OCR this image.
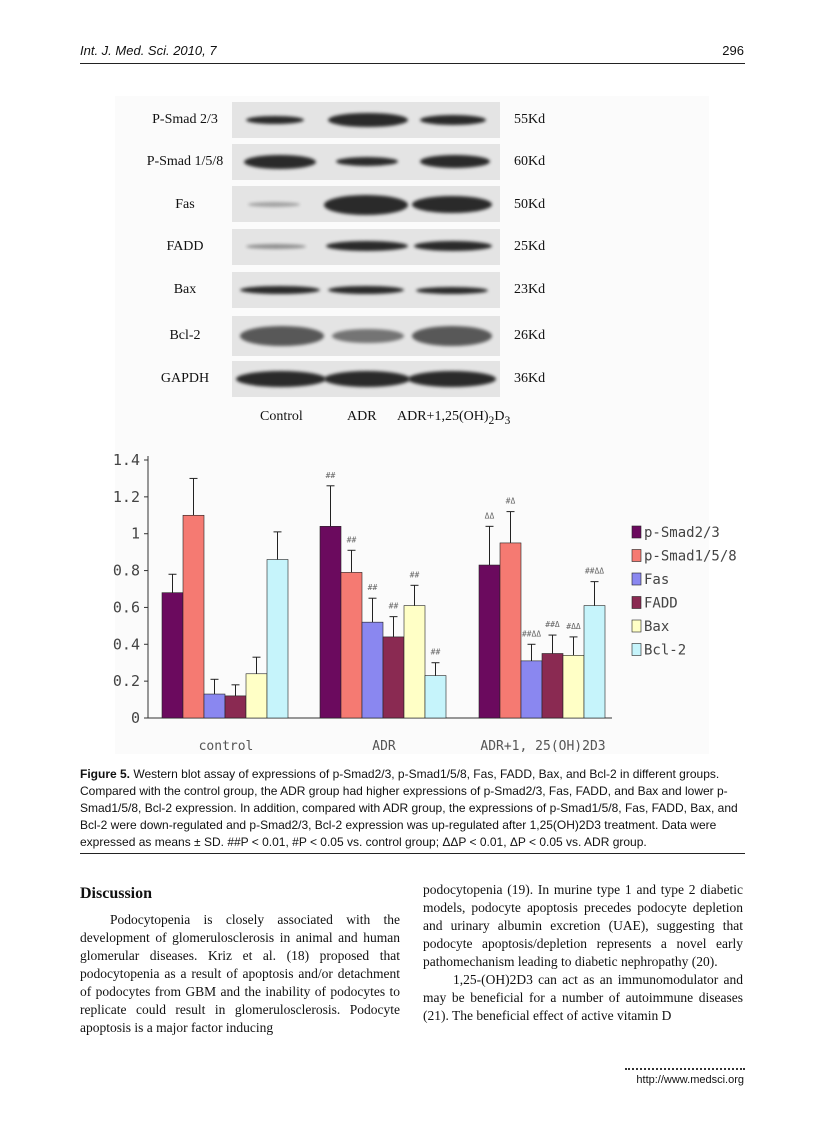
Int. J. Med. Sci. 2010, 7	296
P-Smad 2/3	55Kd
P-Smad 1/5/8	60Kd
Fas	50Kd
FADD	25Kd
Bax	23Kd
Bcl-2	26Kd
GAPDH	36Kd
Control	ADR $ADR+1,25(OH)_2D_3$
0
0.2
0.4
0.6
0.8
1
1.2
1.4
##
ΔΔ
##
#Δ
##
##ΔΔ
##
##Δ
##
#ΔΔ
##
##ΔΔ
control	ADR	ADR+1, 25(OH)2D3
p-Smad2/3
p-Smad1/5/8
Fas
FADD
Bax
Bcl-2
Figure 5. Western blot assay of expressions of p-Smad2/3, p-Smad1/5/8, Fas, FADD, Bax, and Bcl-2 in different groups. Compared with the control group, the ADR group had higher expressions of p-Smad2/3, Fas, FADD, and Bax and lower p-Smad1/5/8, Bcl-2 expression. In addition, compared with ADR group, the expressions of p-Smad1/5/8, Fas, FADD, Bax, and Bcl-2 were down-regulated and p-Smad2/3, Bcl-2 expression was up-regulated after 1,25(OH)2D3 treatment. Data were expressed as means ± SD. ##P < 0.01, #P < 0.05 vs. control group; ΔΔP < 0.01, ΔP < 0.05 vs. ADR group.
Discussion

Podocytopenia is closely associated with the development of glomerulosclerosis in animal and human glomerular diseases. Kriz et al. (18) proposed that podocytopenia as a result of apoptosis and/or detachment of podocytes from GBM and the inability of podocytes to replicate could result in glomerulosclerosis. Podocyte apoptosis is a major factor inducing

podocytopenia (19). In murine type 1 and type 2 diabetic models, podocyte apoptosis precedes podocyte depletion and urinary albumin excretion (UAE), suggesting that podocyte apoptosis/depletion represents a novel early pathomechanism leading to diabetic nephropathy (20).

1,25-(OH)2D3 can act as an immunomodulator and may be beneficial for a number of autoimmune diseases (21). The beneficial effect of active vitamin D

http://www.medsci.org
